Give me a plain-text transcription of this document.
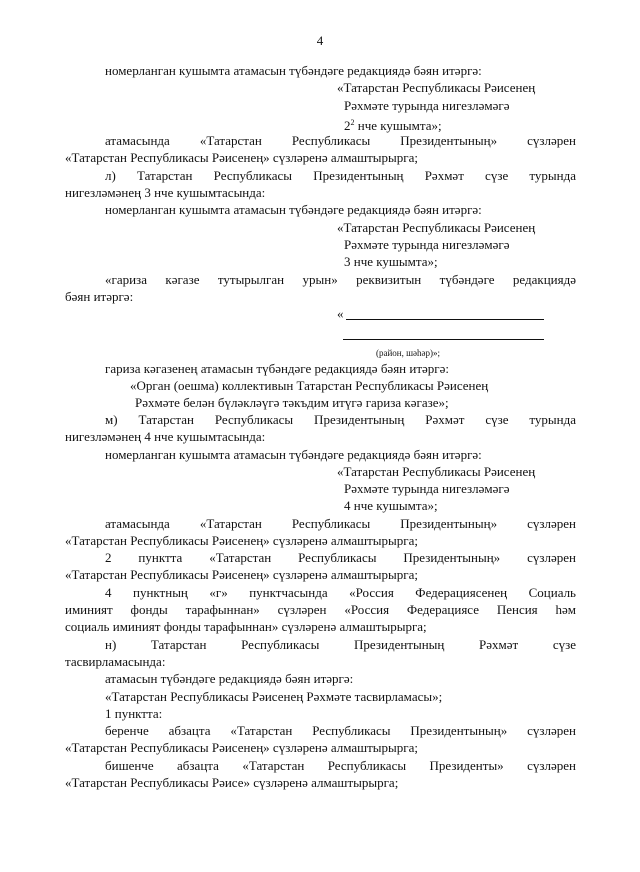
4
номерланган кушымта атамасын түбәндәге редакциядә бәян итәргә:
«Татарстан Республикасы Рәисенең
Рәхмәте турында нигезләмәгә
$2^2$ нче кушымта»;
атамасында «Татарстан Республикасы Президентының» сүзләрен
«Татарстан Республикасы Рәисенең» сүзләренә алмаштырырга;
л) Татарстан Республикасы Президентының Рәхмәт сүзе турында
нигезләмәнең 3 нче кушымтасында:
номерланган кушымта атамасын түбәндәге редакциядә бәян итәргә:
«Татарстан Республикасы Рәисенең
Рәхмәте турында нигезләмәгә
3 нче кушымта»;
«гариза кәгазе тутырылган урын» реквизитын түбәндәге редакциядә
бәян итәргә:
«
(район, шәһәр)»;
гариза кәгазенең атамасын түбәндәге редакциядә бәян итәргә:
«Орган (оешма) коллективын Татарстан Республикасы Рәисенең
Рәхмәте белән бүләкләүгә тәкъдим итүгә гариза кәгазе»;
м) Татарстан Республикасы Президентының Рәхмәт сүзе турында
нигезләмәнең 4 нче кушымтасында:
номерланган кушымта атамасын түбәндәге редакциядә бәян итәргә:
«Татарстан Республикасы Рәисенең
Рәхмәте турында нигезләмәгә
4 нче кушымта»;
атамасында «Татарстан Республикасы Президентының» сүзләрен
«Татарстан Республикасы Рәисенең» сүзләренә алмаштырырга;
2 пунктта «Татарстан Республикасы Президентының» сүзләрен
«Татарстан Республикасы Рәисенең» сүзләренә алмаштырырга;
4 пунктның «г» пунктчасында «Россия Федерациясенең Социаль
иминият фонды тарафыннан» сүзләрен «Россия Федерациясе Пенсия һәм
социаль иминият фонды тарафыннан» сүзләренә алмаштырырга;
н) Татарстан Республикасы Президентының Рәхмәт сүзе
тасвирламасында:
атамасын түбәндәге редакциядә бәян итәргә:
«Татарстан Республикасы Рәисенең Рәхмәте тасвирламасы»;
1 пунктта:
беренче абзацта «Татарстан Республикасы Президентының» сүзләрен
«Татарстан Республикасы Рәисенең» сүзләренә алмаштырырга;
бишенче абзацта «Татарстан Республикасы Президенты» сүзләрен
«Татарстан Республикасы Рәисе» сүзләренә алмаштырырга;
